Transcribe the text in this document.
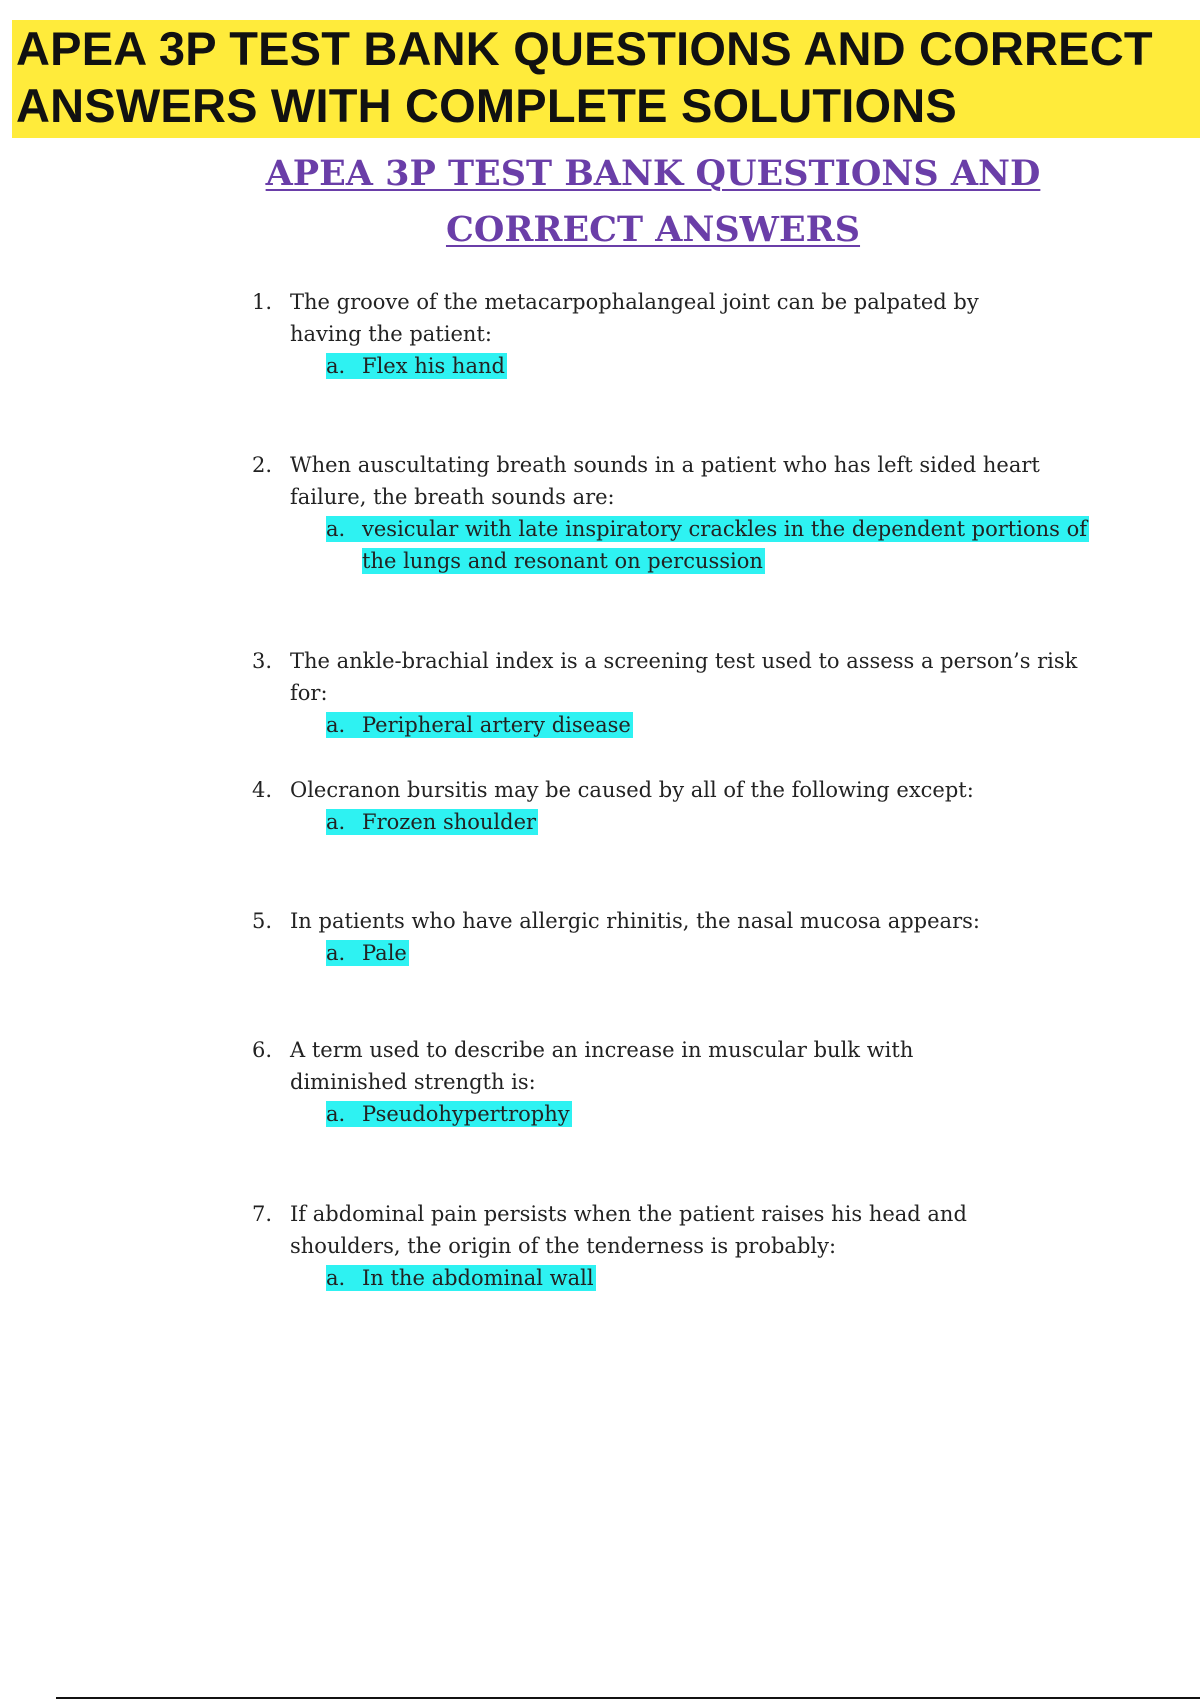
APEA 3P TEST BANK QUESTIONS AND CORRECT
ANSWERS WITH COMPLETE SOLUTIONS
APEA 3P TEST BANK QUESTIONS AND
CORRECT ANSWERS
1. The groove of the metacarpophalangeal joint can be palpated by having the patient:
a. Flex his hand
2. When auscultating breath sounds in a patient who has left sided heart failure, the breath sounds are:
a. vesicular with late inspiratory crackles in the dependent portions of the lungs and resonant on percussion
3. The ankle-brachial index is a screening test used to assess a person’s risk for:
a. Peripheral artery disease
4. Olecranon bursitis may be caused by all of the following except:
a. Frozen shoulder
5. In patients who have allergic rhinitis, the nasal mucosa appears:
a. Pale
6. A term used to describe an increase in muscular bulk with diminished strength is:
a. Pseudohypertrophy
7. If abdominal pain persists when the patient raises his head and shoulders, the origin of the tenderness is probably:
a. In the abdominal wall
